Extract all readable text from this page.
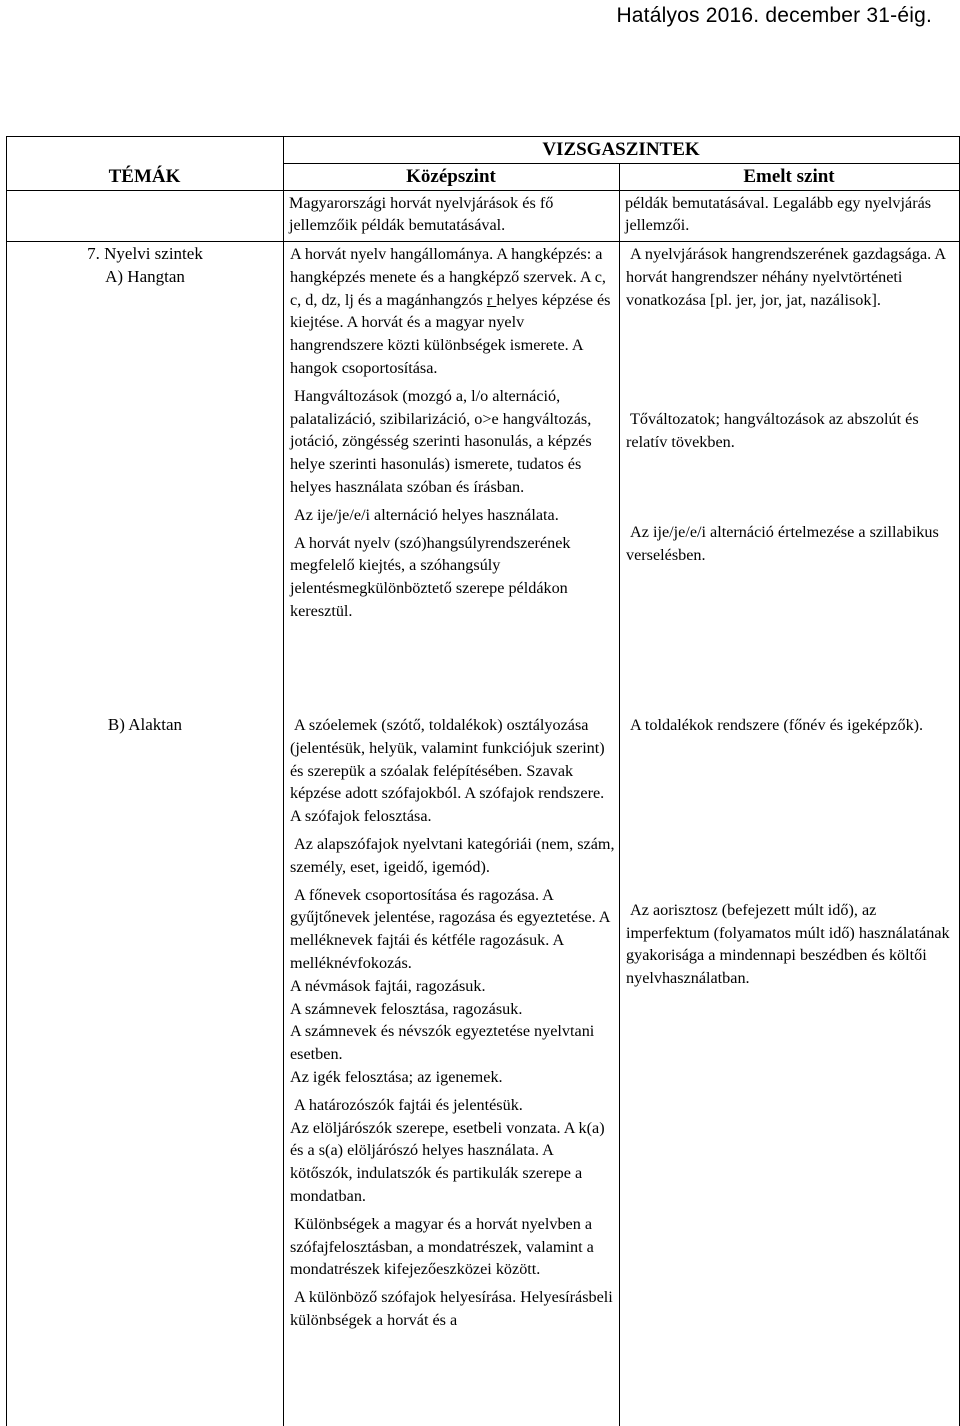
Hatályos 2016. december 31-éig.
VIZSGASZINTEK
TÉMÁK	Középszint	Emelt szint
Magyarországi horvát nyelvjárások és fő jellemzőik példák bemutatásával.
példák bemutatásával. Legalább egy nyelvjárás jellemzői.
7. Nyelvi szintek
A) Hangtan
B) Alaktan
A horvát nyelv hangállománya. A hangképzés: a hangképzés menete és a hangképző szervek. A c, c, d, dz, lj és a magánhangzós r helyes képzése és kiejtése. A horvát és a magyar nyelv hangrendszere közti különbségek ismerete. A hangok csoportosítása.
Hangváltozások (mozgó a, l/o alternáció, palatalizáció, szibilarizáció, o>e hangváltozás, jotáció, zöngésség szerinti hasonulás, a képzés helye szerinti hasonulás) ismerete, tudatos és helyes használata szóban és írásban.
Az ije/je/e/i alternáció helyes használata.
A horvát nyelv (szó)hangsúlyrendszerének megfelelő kiejtés, a szóhangsúly jelentésmegkülönböztető szerepe példákon keresztül.
A nyelvjárások hangrendszerének gazdagsága. A horvát hangrendszer néhány nyelvtörténeti vonatkozása [pl. jer, jor, jat, nazálisok].
Tőváltozatok; hangváltozások az abszolút és relatív tövekben.
Az ije/je/e/i alternáció értelmezése a szillabikus verselésben.
A szóelemek (szótő, toldalékok) osztályozása (jelentésük, helyük, valamint funkciójuk szerint) és szerepük a szóalak felépítésében. Szavak képzése adott szófajokból. A szófajok rendszere. A szófajok felosztása.
Az alapszófajok nyelvtani kategóriái (nem, szám, személy, eset, igeidő, igemód).
A főnevek csoportosítása és ragozása. A gyűjtőnevek jelentése, ragozása és egyeztetése. A melléknevek fajtái és kétféle ragozásuk. A melléknévfokozás.
A névmások fajtái, ragozásuk.
A számnevek felosztása, ragozásuk.
A számnevek és névszók egyeztetése nyelvtani esetben.
Az igék felosztása; az igenemek.
A határozószók fajtái és jelentésük.
Az elöljárószók szerepe, esetbeli vonzata. A k(a) és a s(a) elöljárószó helyes használata. A kötőszók, indulatszók és partikulák szerepe a mondatban.
Különbségek a magyar és a horvát nyelvben a szófajfelosztásban, a mondatrészek, valamint a mondatrészek kifejezőeszközei között.
A különböző szófajok helyesírása. Helyesírásbeli különbségek a horvát és a
A toldalékok rendszere (főnév és igeképzők).
Az aorisztosz (befejezett múlt idő), az imperfektum (folyamatos múlt idő) használatának gyakorisága a mindennapi beszédben és költői nyelvhasználatban.
